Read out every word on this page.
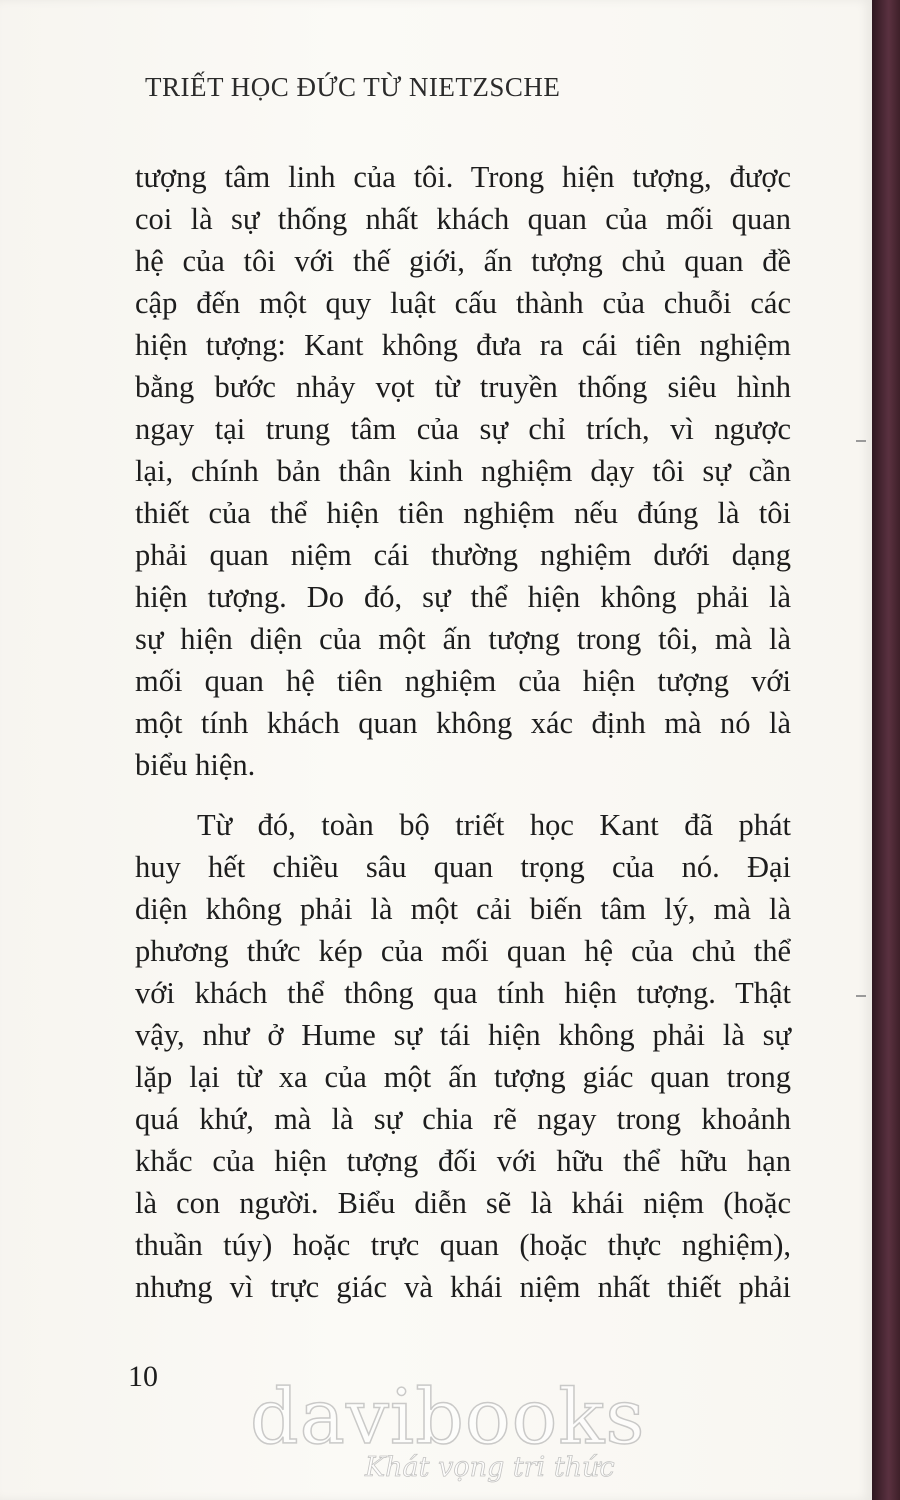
TRIẾT HỌC ĐỨC TỪ NIETZSCHE
tượng tâm linh của tôi. Trong hiện tượng, được
coi là sự thống nhất khách quan của mối quan
hệ của tôi với thế giới, ấn tượng chủ quan đề
cập đến một quy luật cấu thành của chuỗi các
hiện tượng: Kant không đưa ra cái tiên nghiệm
bằng bước nhảy vọt từ truyền thống siêu hình
ngay tại trung tâm của sự chỉ trích, vì ngược
lại, chính bản thân kinh nghiệm dạy tôi sự cần
thiết của thể hiện tiên nghiệm nếu đúng là tôi
phải quan niệm cái thường nghiệm dưới dạng
hiện tượng. Do đó, sự thể hiện không phải là
sự hiện diện của một ấn tượng trong tôi, mà là
mối quan hệ tiên nghiệm của hiện tượng với
một tính khách quan không xác định mà nó là
biểu hiện.
Từ đó, toàn bộ triết học Kant đã phát
huy hết chiều sâu quan trọng của nó. Đại
diện không phải là một cải biến tâm lý, mà là
phương thức kép của mối quan hệ của chủ thể
với khách thể thông qua tính hiện tượng. Thật
vậy, như ở Hume sự tái hiện không phải là sự
lặp lại từ xa của một ấn tượng giác quan trong
quá khứ, mà là sự chia rẽ ngay trong khoảnh
khắc của hiện tượng đối với hữu thể hữu hạn
là con người. Biểu diễn sẽ là khái niệm (hoặc
thuần túy) hoặc trực quan (hoặc thực nghiệm),
nhưng vì trực giác và khái niệm nhất thiết phải
10 davibooks
Khát vọng tri thức
